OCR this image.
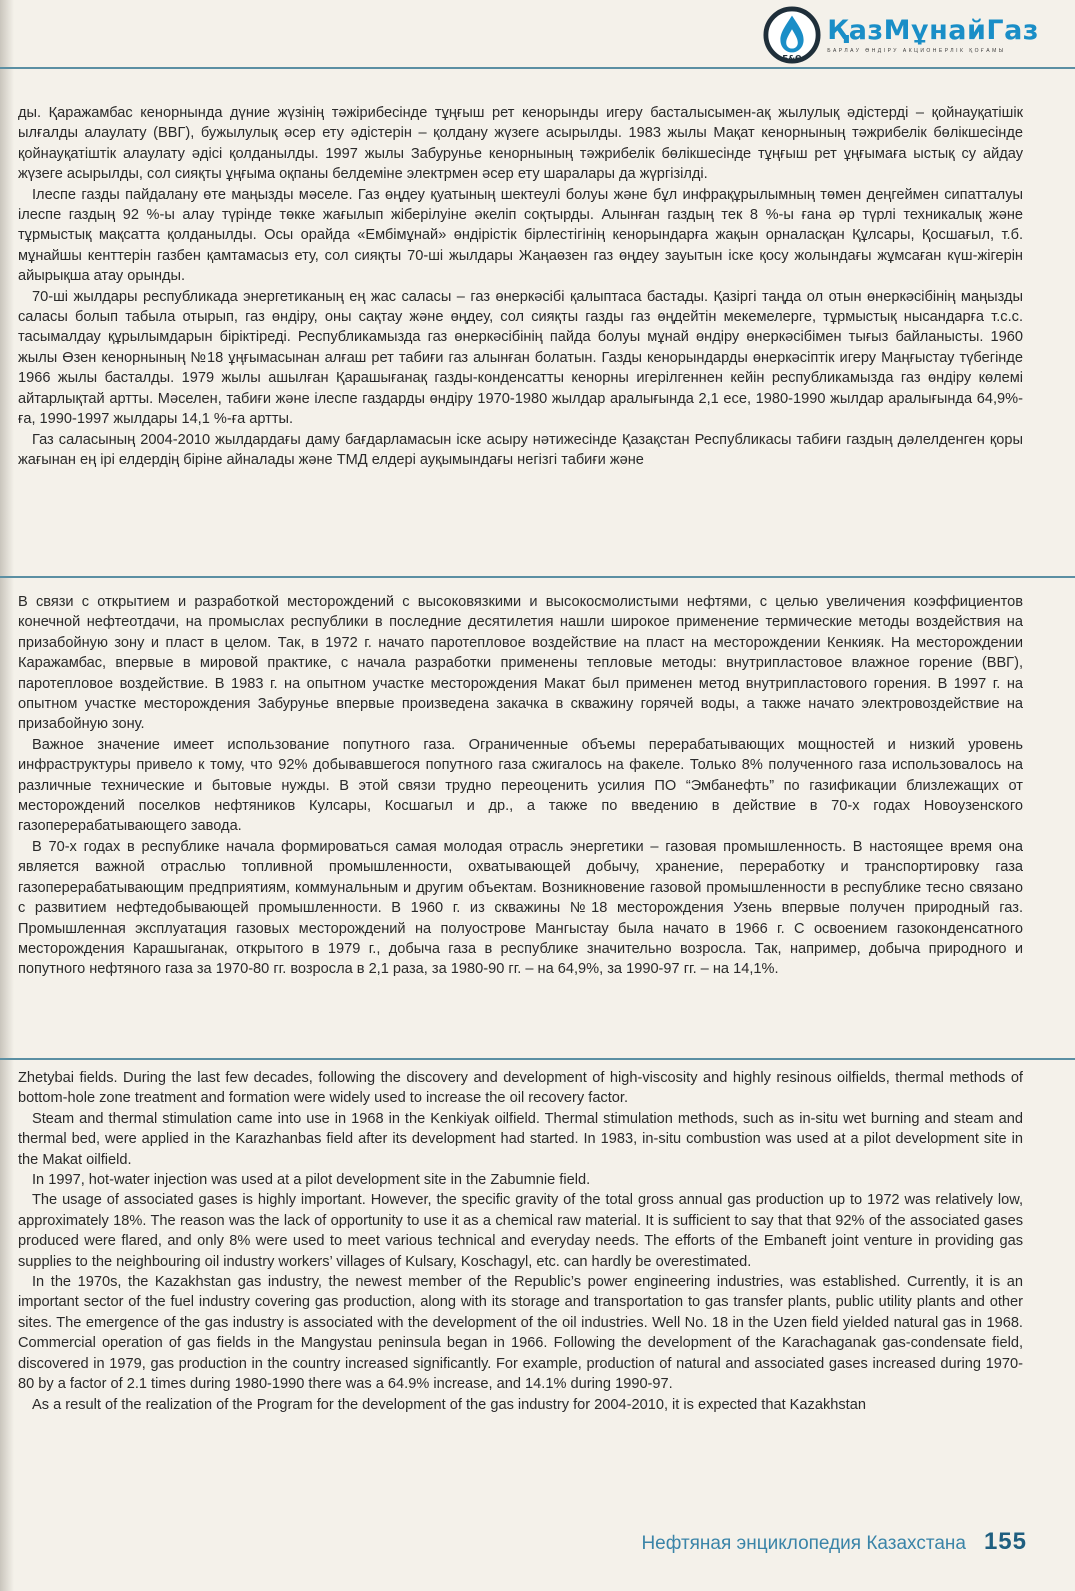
Б&Ө
ҚазМұнайГаз
БАРЛАУ ӨНДІРУ АКЦИОНЕРЛІК ҚОҒАМЫ

ды. Қаражамбас кенорнында дүние жүзінің тәжірибесінде тұңғыш рет кенорынды игеру басталысымен-ақ жылулық әдістерді – қойнауқатішік ылғалды алаулату (ВВГ), бужылулық әсер ету әдістерін – қолдану жүзеге асырылды. 1983 жылы Мақат кенорнының тәжрибелік бөлікшесінде қойнауқатіштік алаулату әдісі қолданылды. 1997 жылы Забурунье кенорнының тәжрибелік бөлікшесінде тұңғыш рет ұңғымаға ыстық су айдау жүзеге асырылды, сол сияқты ұңғыма оқпаны белдеміне электрмен әсер ету шаралары да жүргізілді.

Ілеспе газды пайдалану өте маңызды мәселе. Газ өңдеу қуатының шектеулі болуы және бұл инфрақұрылымның төмен деңгеймен сипатталуы ілеспе газдың 92 %-ы алау түрінде төкке жағылып жіберілуіне әкеліп соқтырды. Алынған газдың тек 8 %-ы ғана әр түрлі техникалық және тұрмыстық мақсатта қолданылды. Осы орайда «Ембімұнай» өндірістік бірлестігінің кенорындарға жақын орналасқан Құлсары, Қосшағыл, т.б. мұнайшы кенттерін газбен қамтамасыз ету, сол сияқты 70-ші жылдары Жаңаөзен газ өңдеу зауытын іске қосу жолындағы жұмсаған күш-жігерін айырықша атау орынды.

70-ші жылдары республикада энергетиканың ең жас саласы – газ өнеркәсібі қалыптаса бастады. Қазіргі таңда ол отын өнеркәсібінің маңызды саласы болып табыла отырып, газ өндіру, оны сақтау және өңдеу, сол сияқты газды газ өңдейтін мекемелерге, тұрмыстық нысандарға т.с.с. тасымалдау құрылымдарын біріктіреді. Республикамызда газ өнеркәсібінің пайда болуы мұнай өндіру өнеркәсібімен тығыз байланысты. 1960 жылы Өзен кенорнының №18 ұңғымасынан алғаш рет табиғи газ алынған болатын. Газды кенорындарды өнеркәсіптік игеру Маңғыстау түбегінде 1966 жылы басталды. 1979 жылы ашылған Қарашығанақ газды-конденсатты кенорны игерілгеннен кейін республикамызда газ өндіру көлемі айтарлықтай артты. Мәселен, табиғи және ілеспе газдарды өндіру 1970-1980 жылдар аралығында 2,1 есе, 1980-1990 жылдар аралығында 64,9%-ға, 1990-1997 жылдары 14,1 %-ға артты.

Газ саласының 2004-2010 жылдардағы даму бағдарламасын іске асыру нәтижесінде Қазақстан Республикасы табиғи газдың дәлелденген қоры жағынан ең ірі елдердің біріне айналады және ТМД елдері ауқымындағы негізгі табиғи және

В связи с открытием и разработкой месторождений с высоковязкими и высокосмолистыми нефтями, с целью увеличения коэффициентов конечной нефтеотдачи, на промыслах республики в последние десятилетия нашли широкое применение термические методы воздействия на призабойную зону и пласт в целом. Так, в 1972 г. начато паротепловое воздействие на пласт на месторождении Кенкияк. На месторождении Каражамбас, впервые в мировой практике, с начала разработки применены тепловые методы: внутрипластовое влажное горение (ВВГ), паротепловое воздействие. В 1983 г. на опытном участке месторождения Макат был применен метод внутрипластового горения. В 1997 г. на опытном участке месторождения Забурунье впервые произведена закачка в скважину горячей воды, а также начато электровоздействие на призабойную зону.

Важное значение имеет использование попутного газа. Ограниченные объемы перерабатывающих мощностей и низкий уровень инфраструктуры привело к тому, что 92% добывавшегося попутного газа сжигалось на факеле. Только 8% полученного газа использовалось на различные технические и бытовые нужды. В этой связи трудно переоценить усилия ПО “Эмбанефть” по газификации близлежащих от месторождений поселков нефтяников Кулсары, Косшагыл и др., а также по введению в действие в 70-х годах Новоузенского газоперерабатывающего завода.

В 70-х годах в республике начала формироваться самая молодая отрасль энергетики – газовая промышленность. В настоящее время она является важной отраслью топливной промышленности, охватывающей добычу, хранение, переработку и транспортировку газа газоперерабатывающим предприятиям, коммунальным и другим объектам. Возникновение газовой промышленности в республике тесно связано с развитием нефтедобывающей промышленности. В 1960 г. из скважины №18 месторождения Узень впервые получен природный газ. Промышленная эксплуатация газовых месторождений на полуострове Мангыстау была начато в 1966 г. С освоением газоконденсатного месторождения Карашыганак, открытого в 1979 г., добыча газа в республике значительно возросла. Так, например, добыча природного и попутного нефтяного газа за 1970-80 гг. возросла в 2,1 раза, за 1980-90 гг. – на 64,9%, за 1990-97 гг. – на 14,1%.

Zhetybai fields. During the last few decades, following the discovery and development of high-viscosity and highly resinous oilfields, thermal methods of bottom-hole zone treatment and formation were widely used to increase the oil recovery factor.

Steam and thermal stimulation came into use in 1968 in the Kenkiyak oilfield. Thermal stimulation methods, such as in-situ wet burning and steam and thermal bed, were applied in the Karazhanbas field after its development had started. In 1983, in-situ combustion was used at a pilot development site in the Makat oilfield.

In 1997, hot-water injection was used at a pilot development site in the Zabumnie field.

The usage of associated gases is highly important. However, the specific gravity of the total gross annual gas production up to 1972 was relatively low, approximately 18%. The reason was the lack of opportunity to use it as a chemical raw material. It is sufficient to say that that 92% of the associated gases produced were flared, and only 8% were used to meet various technical and everyday needs. The efforts of the Embaneft joint venture in providing gas supplies to the neighbouring oil industry workers’ villages of Kulsary, Koschagyl, etc. can hardly be overestimated.

In the 1970s, the Kazakhstan gas industry, the newest member of the Republic’s power engineering industries, was established. Currently, it is an important sector of the fuel industry covering gas production, along with its storage and transportation to gas transfer plants, public utility plants and other sites. The emergence of the gas industry is associated with the development of the oil industries. Well No. 18 in the Uzen field yielded natural gas in 1968. Commercial operation of gas fields in the Mangystau peninsula began in 1966. Following the development of the Karachaganak gas-condensate field, discovered in 1979, gas production in the country increased significantly. For example, production of natural and associated gases increased during 1970-80 by a factor of 2.1 times during 1980-1990 there was a 64.9% increase, and 14.1% during 1990-97.

As a result of the realization of the Program for the development of the gas industry for 2004-2010, it is expected that Kazakhstan

Нефтяная энциклопедия Казахстана 155
